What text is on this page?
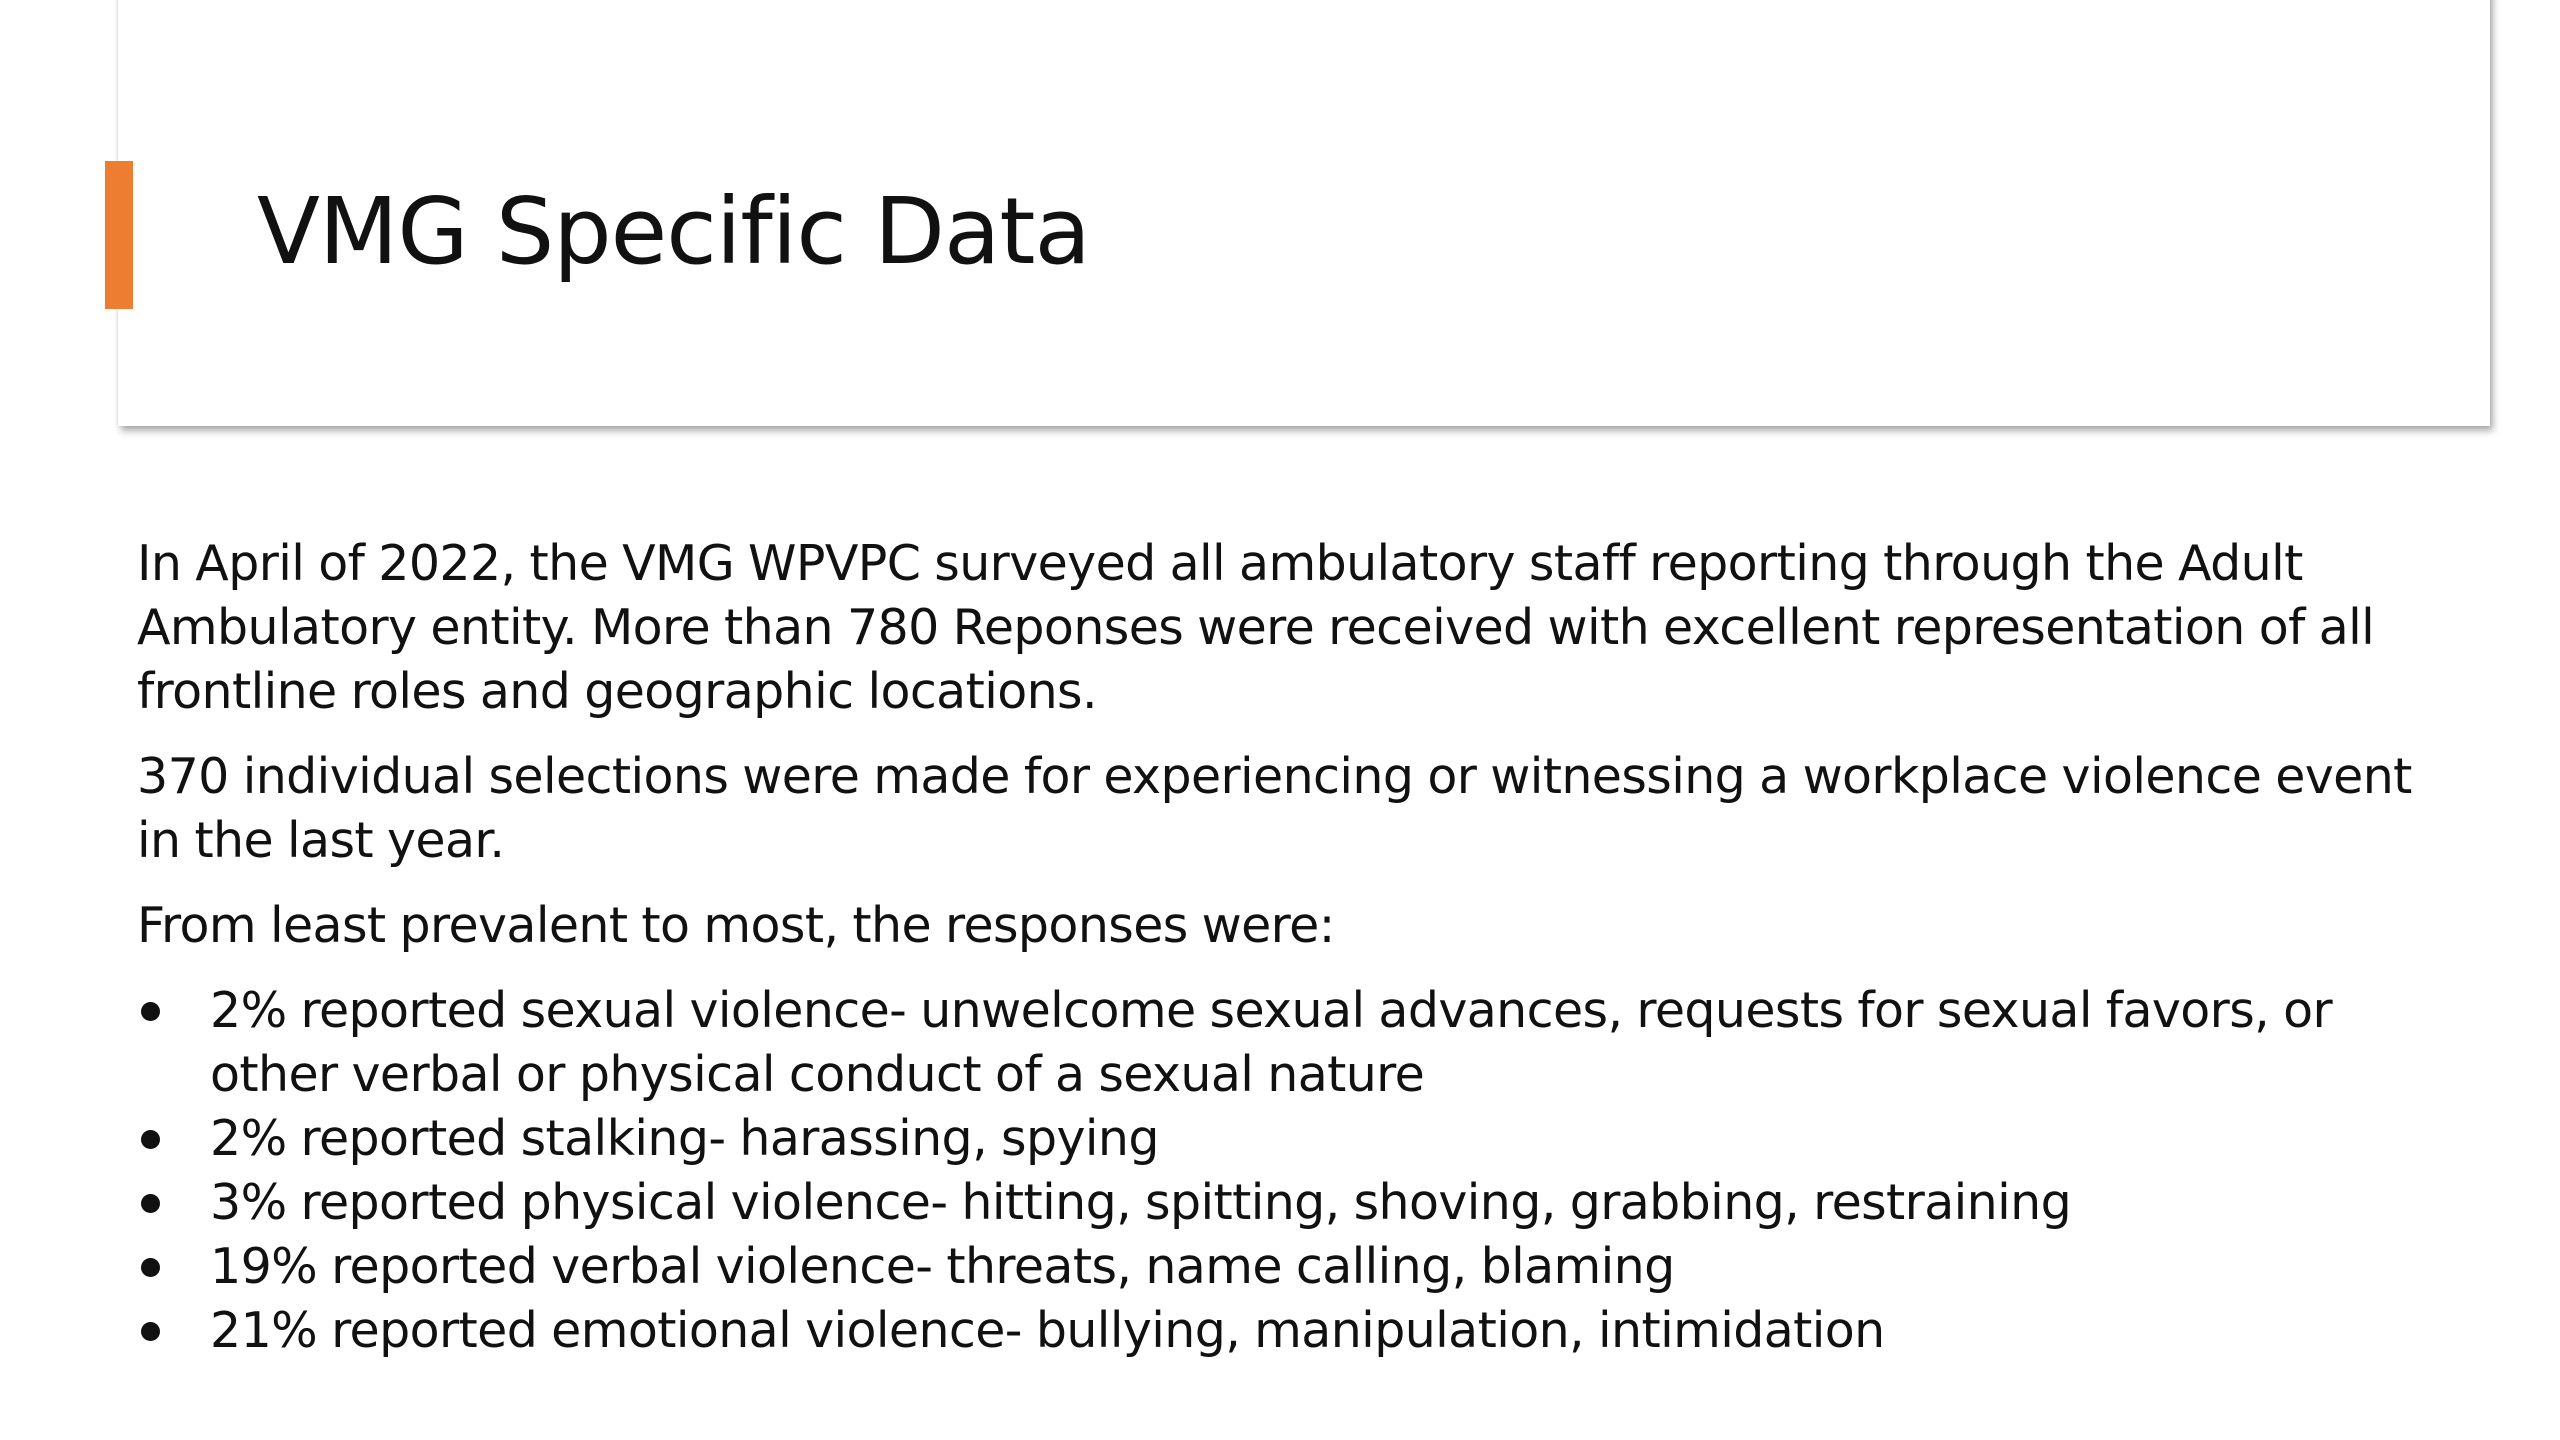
VMG Specific Data

In April of 2022, the VMG WPVPC surveyed all ambulatory staff reporting through the Adult Ambulatory entity. More than 780 Reponses were received with excellent representation of all frontline roles and geographic locations.

370 individual selections were made for experiencing or witnessing a workplace violence event in the last year.

From least prevalent to most, the responses were:

2% reported sexual violence- unwelcome sexual advances, requests for sexual favors, or other verbal or physical conduct of a sexual nature
2% reported stalking- harassing, spying
3% reported physical violence- hitting, spitting, shoving, grabbing, restraining
19% reported verbal violence- threats, name calling, blaming
21% reported emotional violence- bullying, manipulation, intimidation
